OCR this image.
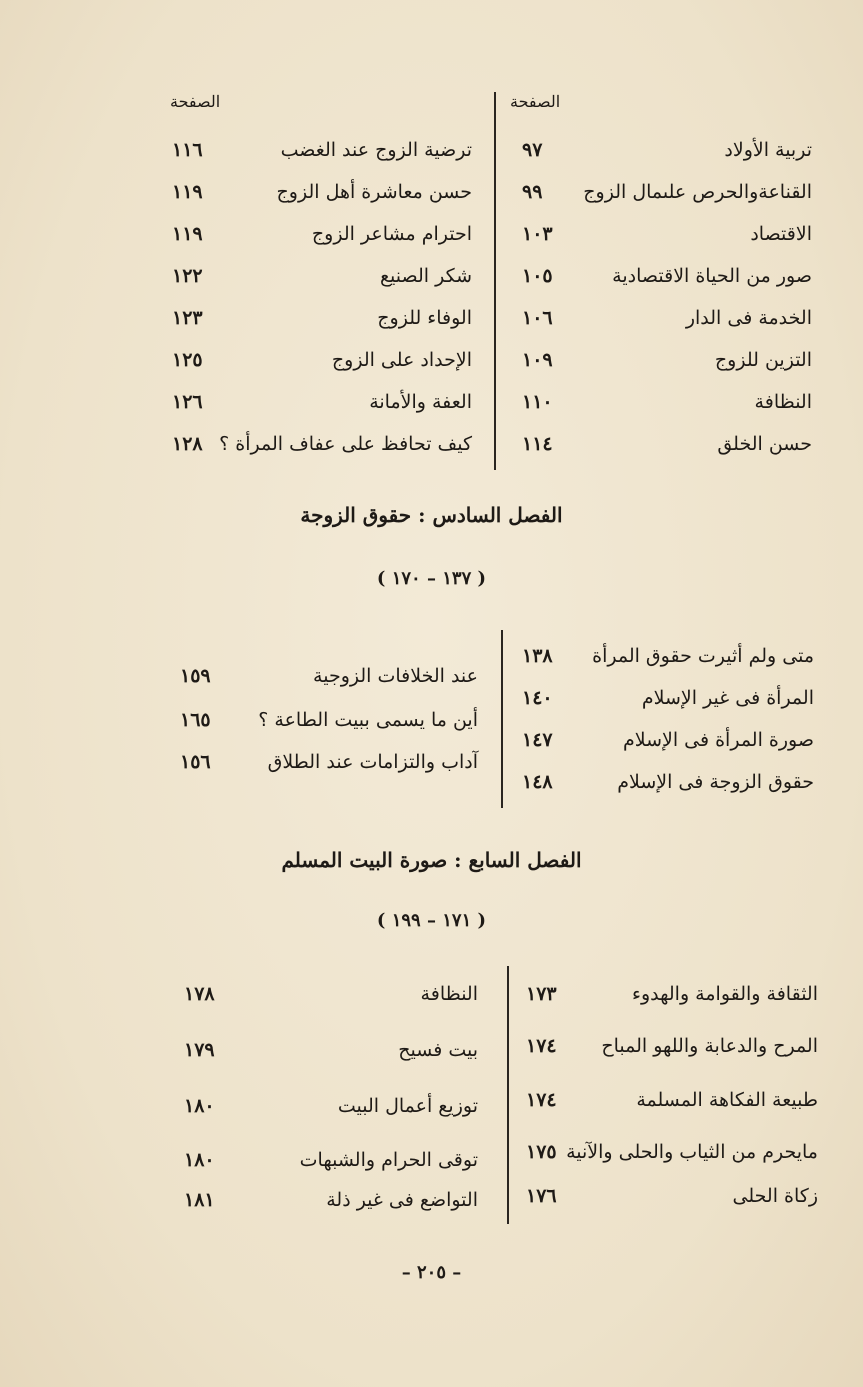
الصفحة
الصفحة
تربية الأولاد
٩٧
القناعةوالحرص علىمال الزوج
٩٩
الاقتصاد
١٠٣
صور من الحياة الاقتصادية
١٠٥
الخدمة فى الدار
١٠٦
التزين للزوج
١٠٩
النظافة
١١٠
حسن الخلق
١١٤
ترضية الزوج عند الغضب
١١٦
حسن معاشرة أهل الزوج
١١٩
احترام مشاعر الزوج
١١٩
شكر الصنيع
١٢٢
الوفاء للزوج
١٢٣
الإحداد على الزوج
١٢٥
العفة والأمانة
١٢٦
كيف تحافظ على عفاف المرأة ؟
١٢٨
الفصل السادس : حقوق الزوجة
( ١٣٧ – ١٧٠ )
متى ولم أثيرت حقوق المرأة
١٣٨
المرأة فى غير الإسلام
١٤٠
صورة المرأة فى الإسلام
١٤٧
حقوق الزوجة فى الإسلام
١٤٨
عند الخلافات الزوجية
١٥٩
أين ما يسمى ببيت الطاعة ؟
١٦٥
آداب والتزامات عند الطلاق
١٥٦
الفصل السابع : صورة البيت المسلم
( ١٧١ – ١٩٩ )
الثقافة والقوامة والهدوء
١٧٣
المرح والدعابة واللهو المباح
١٧٤
طبيعة الفكاهة المسلمة
١٧٤
مايحرم من الثياب والحلى والآنية
١٧٥
زكاة الحلى
١٧٦
النظافة
١٧٨
بيت فسيح
١٧٩
توزيع أعمال البيت
١٨٠
توقى الحرام والشبهات
١٨٠
التواضع فى غير ذلة
١٨١
– ٢٠٥ –
